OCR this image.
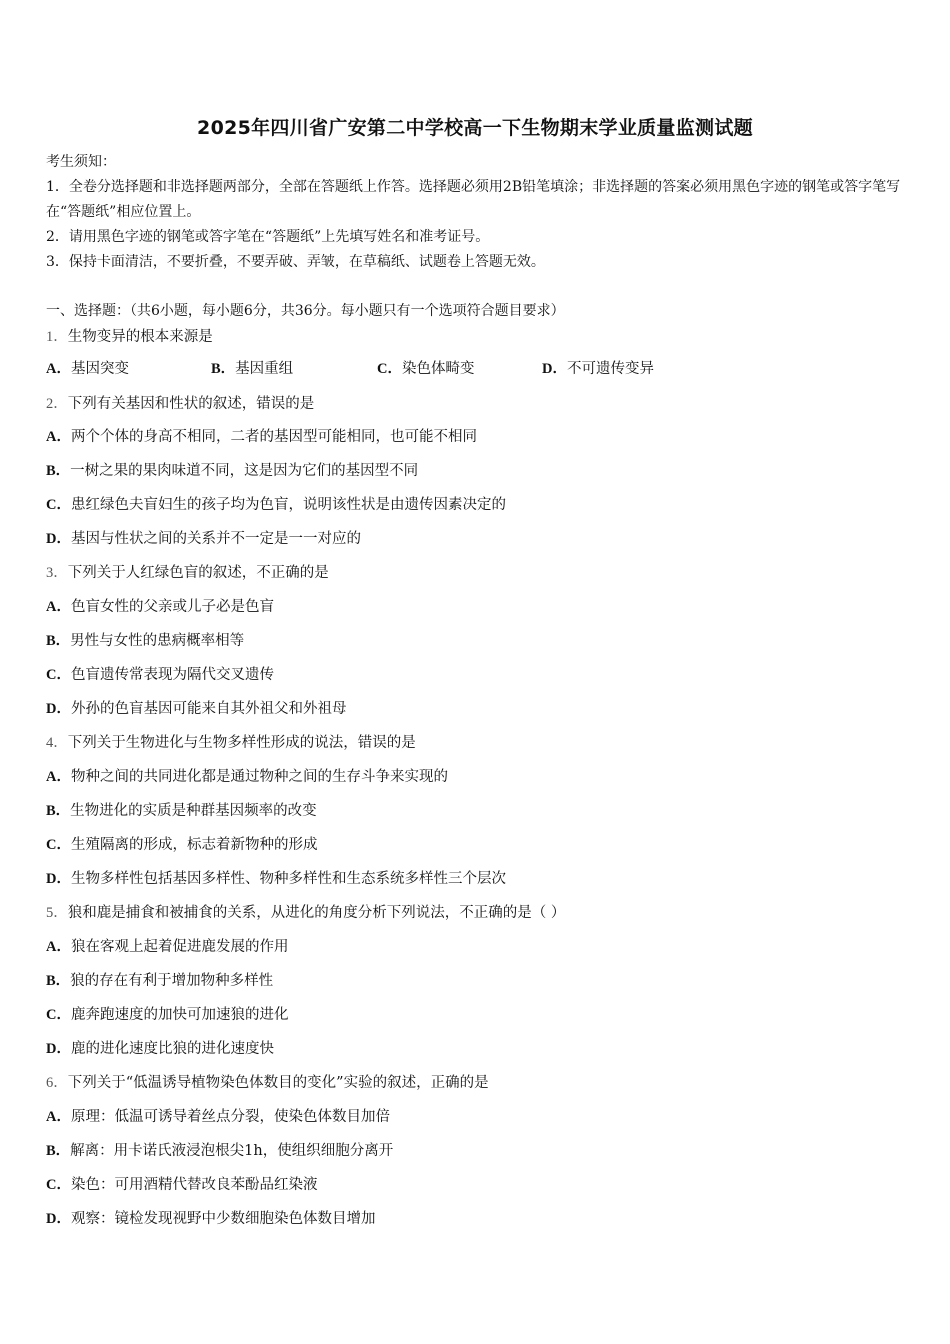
2025年四川省广安第二中学校高一下生物期末学业质量监测试题
考生须知：
1．全卷分选择题和非选择题两部分，全部在答题纸上作答。选择题必须用2B铅笔填涂；非选择题的答案必须用黑色字迹的钢笔或答字笔写在“答题纸”相应位置上。
2．请用黑色字迹的钢笔或答字笔在“答题纸”上先填写姓名和准考证号。
3．保持卡面清洁，不要折叠，不要弄破、弄皱，在草稿纸、试题卷上答题无效。
一、选择题：（共6小题，每小题6分，共36分。每小题只有一个选项符合题目要求）
1．生物变异的根本来源是
A．基因突变	B．基因重组	C．染色体畸变	D．不可遗传变异
2．下列有关基因和性状的叙述，错误的是
A．两个个体的身高不相同，二者的基因型可能相同，也可能不相同
B．一树之果的果肉味道不同，这是因为它们的基因型不同
C．患红绿色夫盲妇生的孩子均为色盲，说明该性状是由遗传因素决定的
D．基因与性状之间的关系并不一定是一一对应的
3．下列关于人红绿色盲的叙述，不正确的是
A．色盲女性的父亲或儿子必是色盲
B．男性与女性的患病概率相等
C．色盲遗传常表现为隔代交叉遗传
D．外孙的色盲基因可能来自其外祖父和外祖母
4．下列关于生物进化与生物多样性形成的说法，错误的是
A．物种之间的共同进化都是通过物种之间的生存斗争来实现的
B．生物进化的实质是种群基因频率的改变
C．生殖隔离的形成，标志着新物种的形成
D．生物多样性包括基因多样性、物种多样性和生态系统多样性三个层次
5．狼和鹿是捕食和被捕食的关系，从进化的角度分析下列说法，不正确的是（ ）
A．狼在客观上起着促进鹿发展的作用
B．狼的存在有利于增加物种多样性
C．鹿奔跑速度的加快可加速狼的进化
D．鹿的进化速度比狼的进化速度快
6．下列关于“低温诱导植物染色体数目的变化”实验的叙述，正确的是
A．原理：低温可诱导着丝点分裂，使染色体数目加倍
B．解离：用卡诺氏液浸泡根尖1h，使组织细胞分离开
C．染色：可用酒精代替改良苯酚品红染液
D．观察：镜检发现视野中少数细胞染色体数目增加
